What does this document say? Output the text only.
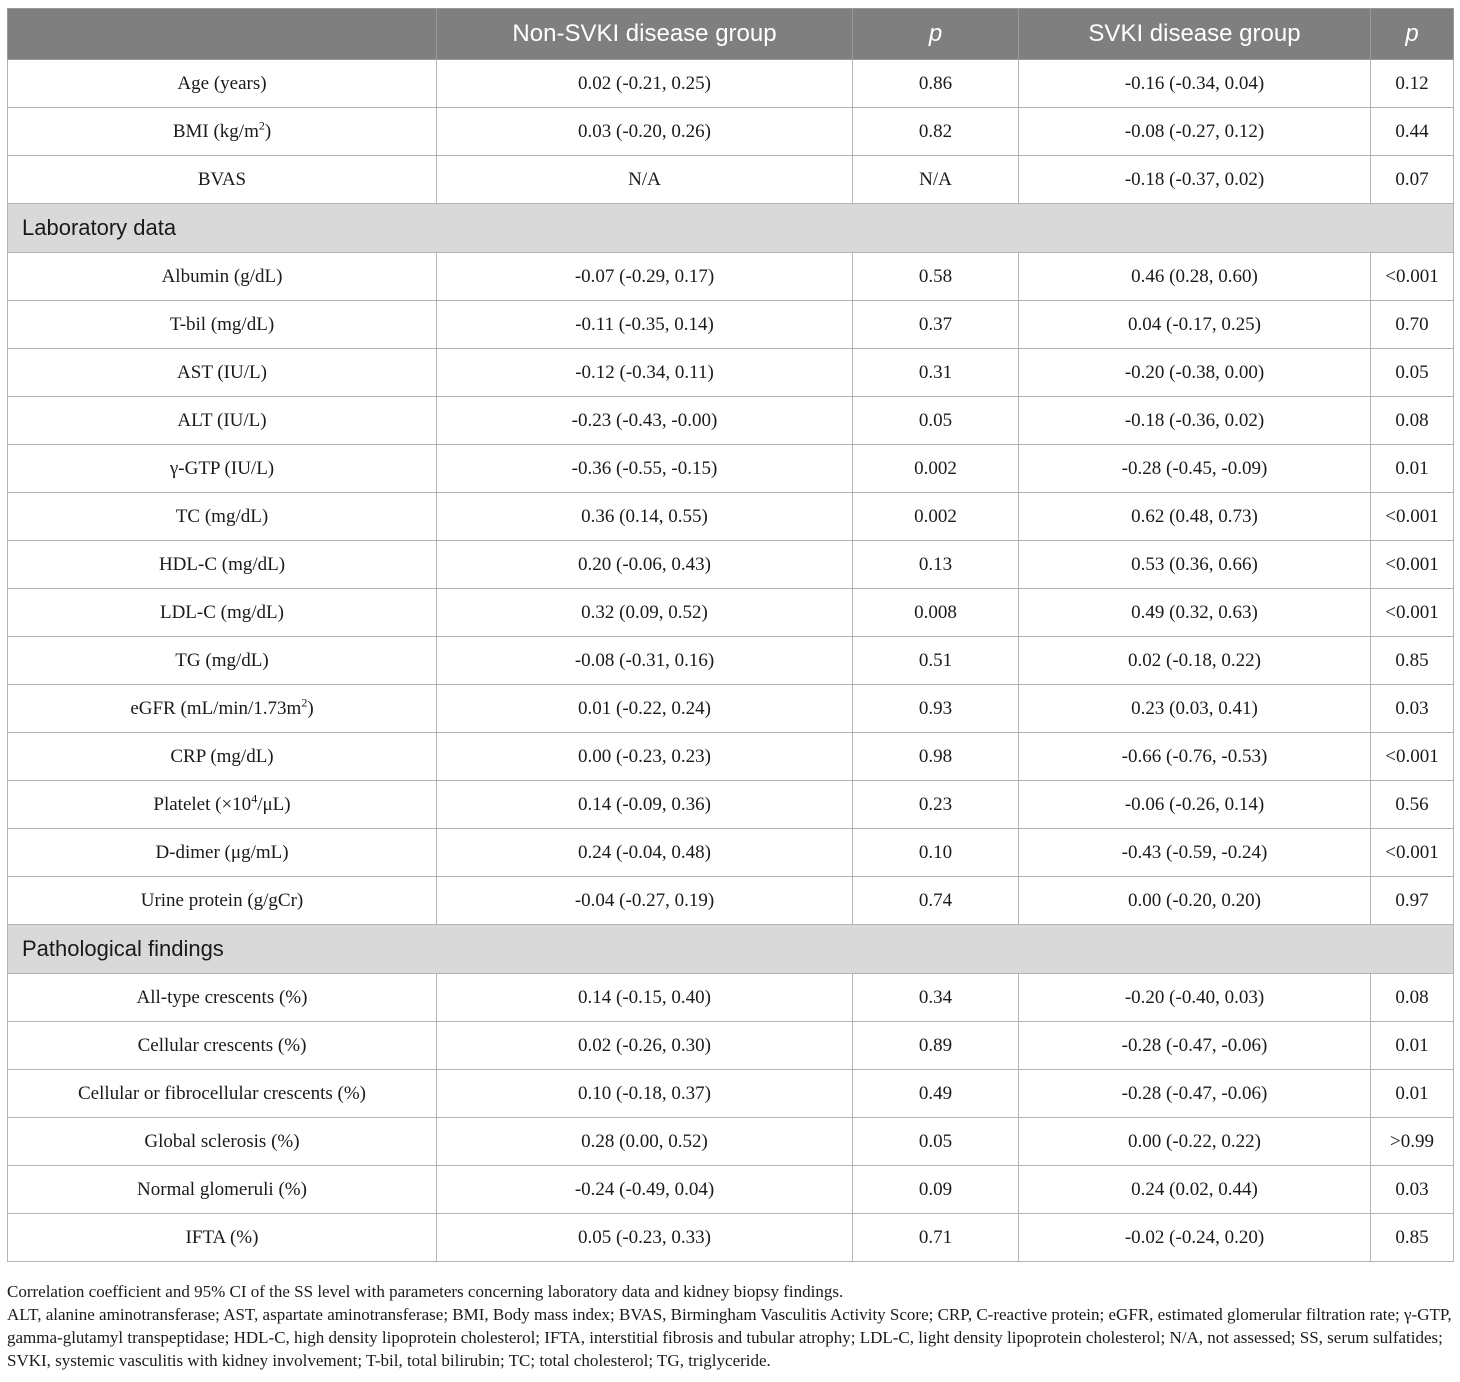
	Non-SVKI disease group	p	SVKI disease group	p
Age (years)	0.02 (-0.21, 0.25)	0.86	-0.16 (-0.34, 0.04)	0.12
BMI $(kg/m^2)$	0.03 (-0.20, 0.26)	0.82	-0.08 (-0.27, 0.12)	0.44
BVAS	N/A	N/A	-0.18 (-0.37, 0.02)	0.07
Laboratory data				
Albumin (g/dL)	-0.07 (-0.29, 0.17)	0.58	0.46 (0.28, 0.60)	<0.001
T-bil (mg/dL)	-0.11 (-0.35, 0.14)	0.37	0.04 (-0.17, 0.25)	0.70
AST (IU/L)	-0.12 (-0.34, 0.11)	0.31	-0.20 (-0.38, 0.00)	0.05
ALT (IU/L)	-0.23 (-0.43, -0.00)	0.05	-0.18 (-0.36, 0.02)	0.08
γ-GTP (IU/L)	-0.36 (-0.55, -0.15)	0.002	-0.28 (-0.45, -0.09)	0.01
TC (mg/dL)	0.36 (0.14, 0.55)	0.002	0.62 (0.48, 0.73)	<0.001
HDL-C (mg/dL)	0.20 (-0.06, 0.43)	0.13	0.53 (0.36, 0.66)	<0.001
LDL-C (mg/dL)	0.32 (0.09, 0.52)	0.008	0.49 (0.32, 0.63)	<0.001
TG (mg/dL)	-0.08 (-0.31, 0.16)	0.51	0.02 (-0.18, 0.22)	0.85
eGFR $(mL/\min/1.73m^2)$	0.01 (-0.22, 0.24)	0.93	0.23 (0.03, 0.41)	0.03
CRP (mg/dL)	0.00 (-0.23, 0.23)	0.98	-0.66 (-0.76, -0.53)	<0.001
Platelet $(\times 10^4/\mu L)$	0.14 (-0.09, 0.36)	0.23	-0.06 (-0.26, 0.14)	0.56
D-dimer (μg/mL)	0.24 (-0.04, 0.48)	0.10	-0.43 (-0.59, -0.24)	<0.001
Urine protein (g/gCr)	-0.04 (-0.27, 0.19)	0.74	0.00 (-0.20, 0.20)	0.97
Pathological findings				
All-type crescents (%)	0.14 (-0.15, 0.40)	0.34	-0.20 (-0.40, 0.03)	0.08
Cellular crescents (%)	0.02 (-0.26, 0.30)	0.89	-0.28 (-0.47, -0.06)	0.01
Cellular or fibrocellular crescents (%)	0.10 (-0.18, 0.37)	0.49	-0.28 (-0.47, -0.06)	0.01
Global sclerosis (%)	0.28 (0.00, 0.52)	0.05	0.00 (-0.22, 0.22)	>0.99
Normal glomeruli (%)	-0.24 (-0.49, 0.04)	0.09	0.24 (0.02, 0.44)	0.03
IFTA (%)	0.05 (-0.23, 0.33)	0.71	-0.02 (-0.24, 0.20)	0.85

Correlation coefficient and 95% CI of the SS level with parameters concerning laboratory data and kidney biopsy findings.

ALT, alanine aminotransferase; AST, aspartate aminotransferase; BMI, Body mass index; BVAS, Birmingham Vasculitis Activity Score; CRP, C-reactive protein; eGFR, estimated glomerular filtration rate; γ-GTP, gamma-glutamyl transpeptidase; HDL-C, high density lipoprotein cholesterol; IFTA, interstitial fibrosis and tubular atrophy; LDL-C, light density lipoprotein cholesterol; N/A, not assessed; SS, serum sulfatides; SVKI, systemic vasculitis with kidney involvement; T-bil, total bilirubin; TC; total cholesterol; TG, triglyceride.
